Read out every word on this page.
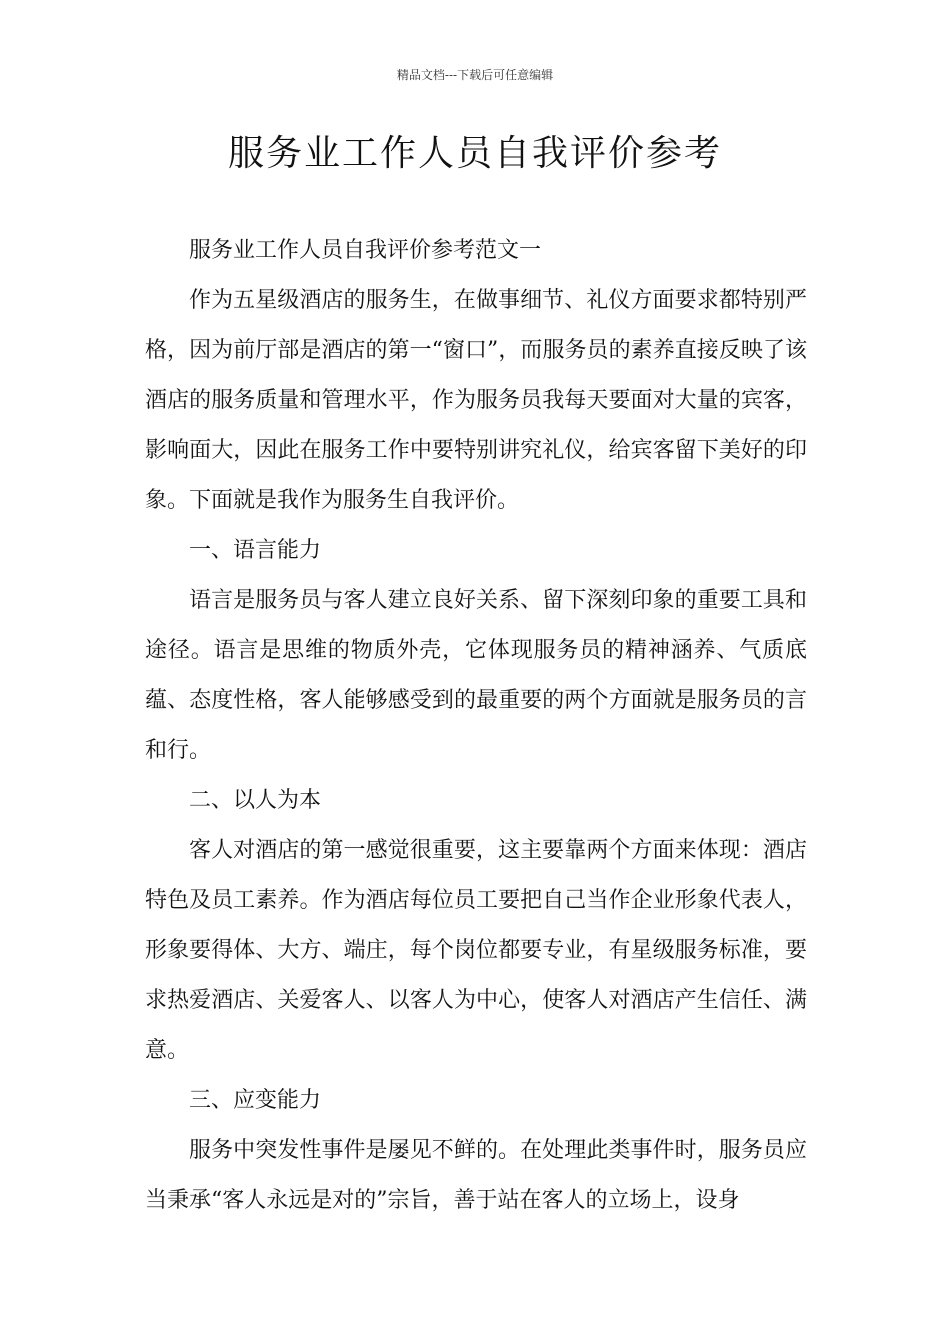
精品文档---下载后可任意编辑
服务业工作人员自我评价参考

服务业工作人员自我评价参考范文一

作为五星级酒店的服务生，在做事细节、礼仪方面要求都特别严格，因为前厅部是酒店的第一“窗口”，而服务员的素养直接反映了该酒店的服务质量和管理水平，作为服务员我每天要面对大量的宾客，影响面大，因此在服务工作中要特别讲究礼仪，给宾客留下美好的印象。下面就是我作为服务生自我评价。

一、语言能力

语言是服务员与客人建立良好关系、留下深刻印象的重要工具和途径。语言是思维的物质外壳，它体现服务员的精神涵养、气质底蕴、态度性格，客人能够感受到的最重要的两个方面就是服务员的言和行。

二、以人为本

客人对酒店的第一感觉很重要，这主要靠两个方面来体现：酒店特色及员工素养。作为酒店每位员工要把自己当作企业形象代表人，形象要得体、大方、端庄，每个岗位都要专业，有星级服务标准，要求热爱酒店、关爱客人、以客人为中心，使客人对酒店产生信任、满意。

三、应变能力

服务中突发性事件是屡见不鲜的。在处理此类事件时，服务员应当秉承“客人永远是对的”宗旨，善于站在客人的立场上，设身
